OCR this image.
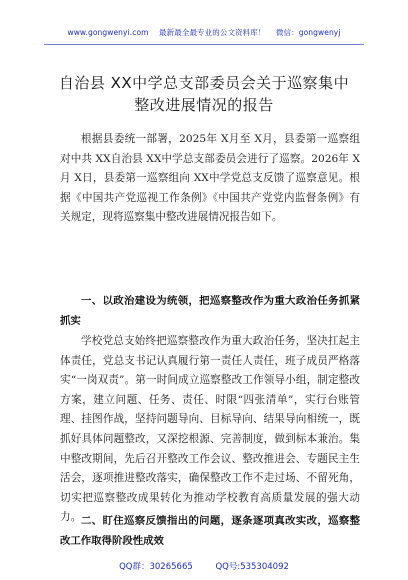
www.gongwenyi.com 最新最全最专业的公文资料库！ 微信：gongwenyj
自治县 XX中学总支部委员会关于巡察集中
整改进展情况的报告

根据县委统一部署，2025年 X月至 X月，县委第一巡察组对中共 XX自治县 XX中学总支部委员会进行了巡察。2026年 X月 X日，县委第一巡察组向 XX中学党总支反馈了巡察意见。根据《中国共产党巡视工作条例》《中国共产党党内监督条例》有关规定，现将巡察集中整改进展情况报告如下。

一、以政治建设为统领，把巡察整改作为重大政治任务抓紧抓实

学校党总支始终把巡察整改作为重大政治任务，坚决扛起主体责任，党总支书记认真履行第一责任人责任，班子成员严格落实“一岗双责”。第一时间成立巡察整改工作领导小组，制定整改方案，建立问题、任务、责任、时限“四张清单”，实行台账管理、挂图作战，坚持问题导向、目标导向、结果导向相统一，既抓好具体问题整改，又深挖根源、完善制度，做到标本兼治。集中整改期间，先后召开整改工作会议、整改推进会、专题民主生活会，逐项推进整改落实，确保整改工作不走过场、不留死角，切实把巡察整改成果转化为推动学校教育高质量发展的强大动力。 二、盯住巡察反馈指出的问题，逐条逐项真改实改，巡察整改工作取得阶段性成效

QQ群：30265665	QQ号:535304092
